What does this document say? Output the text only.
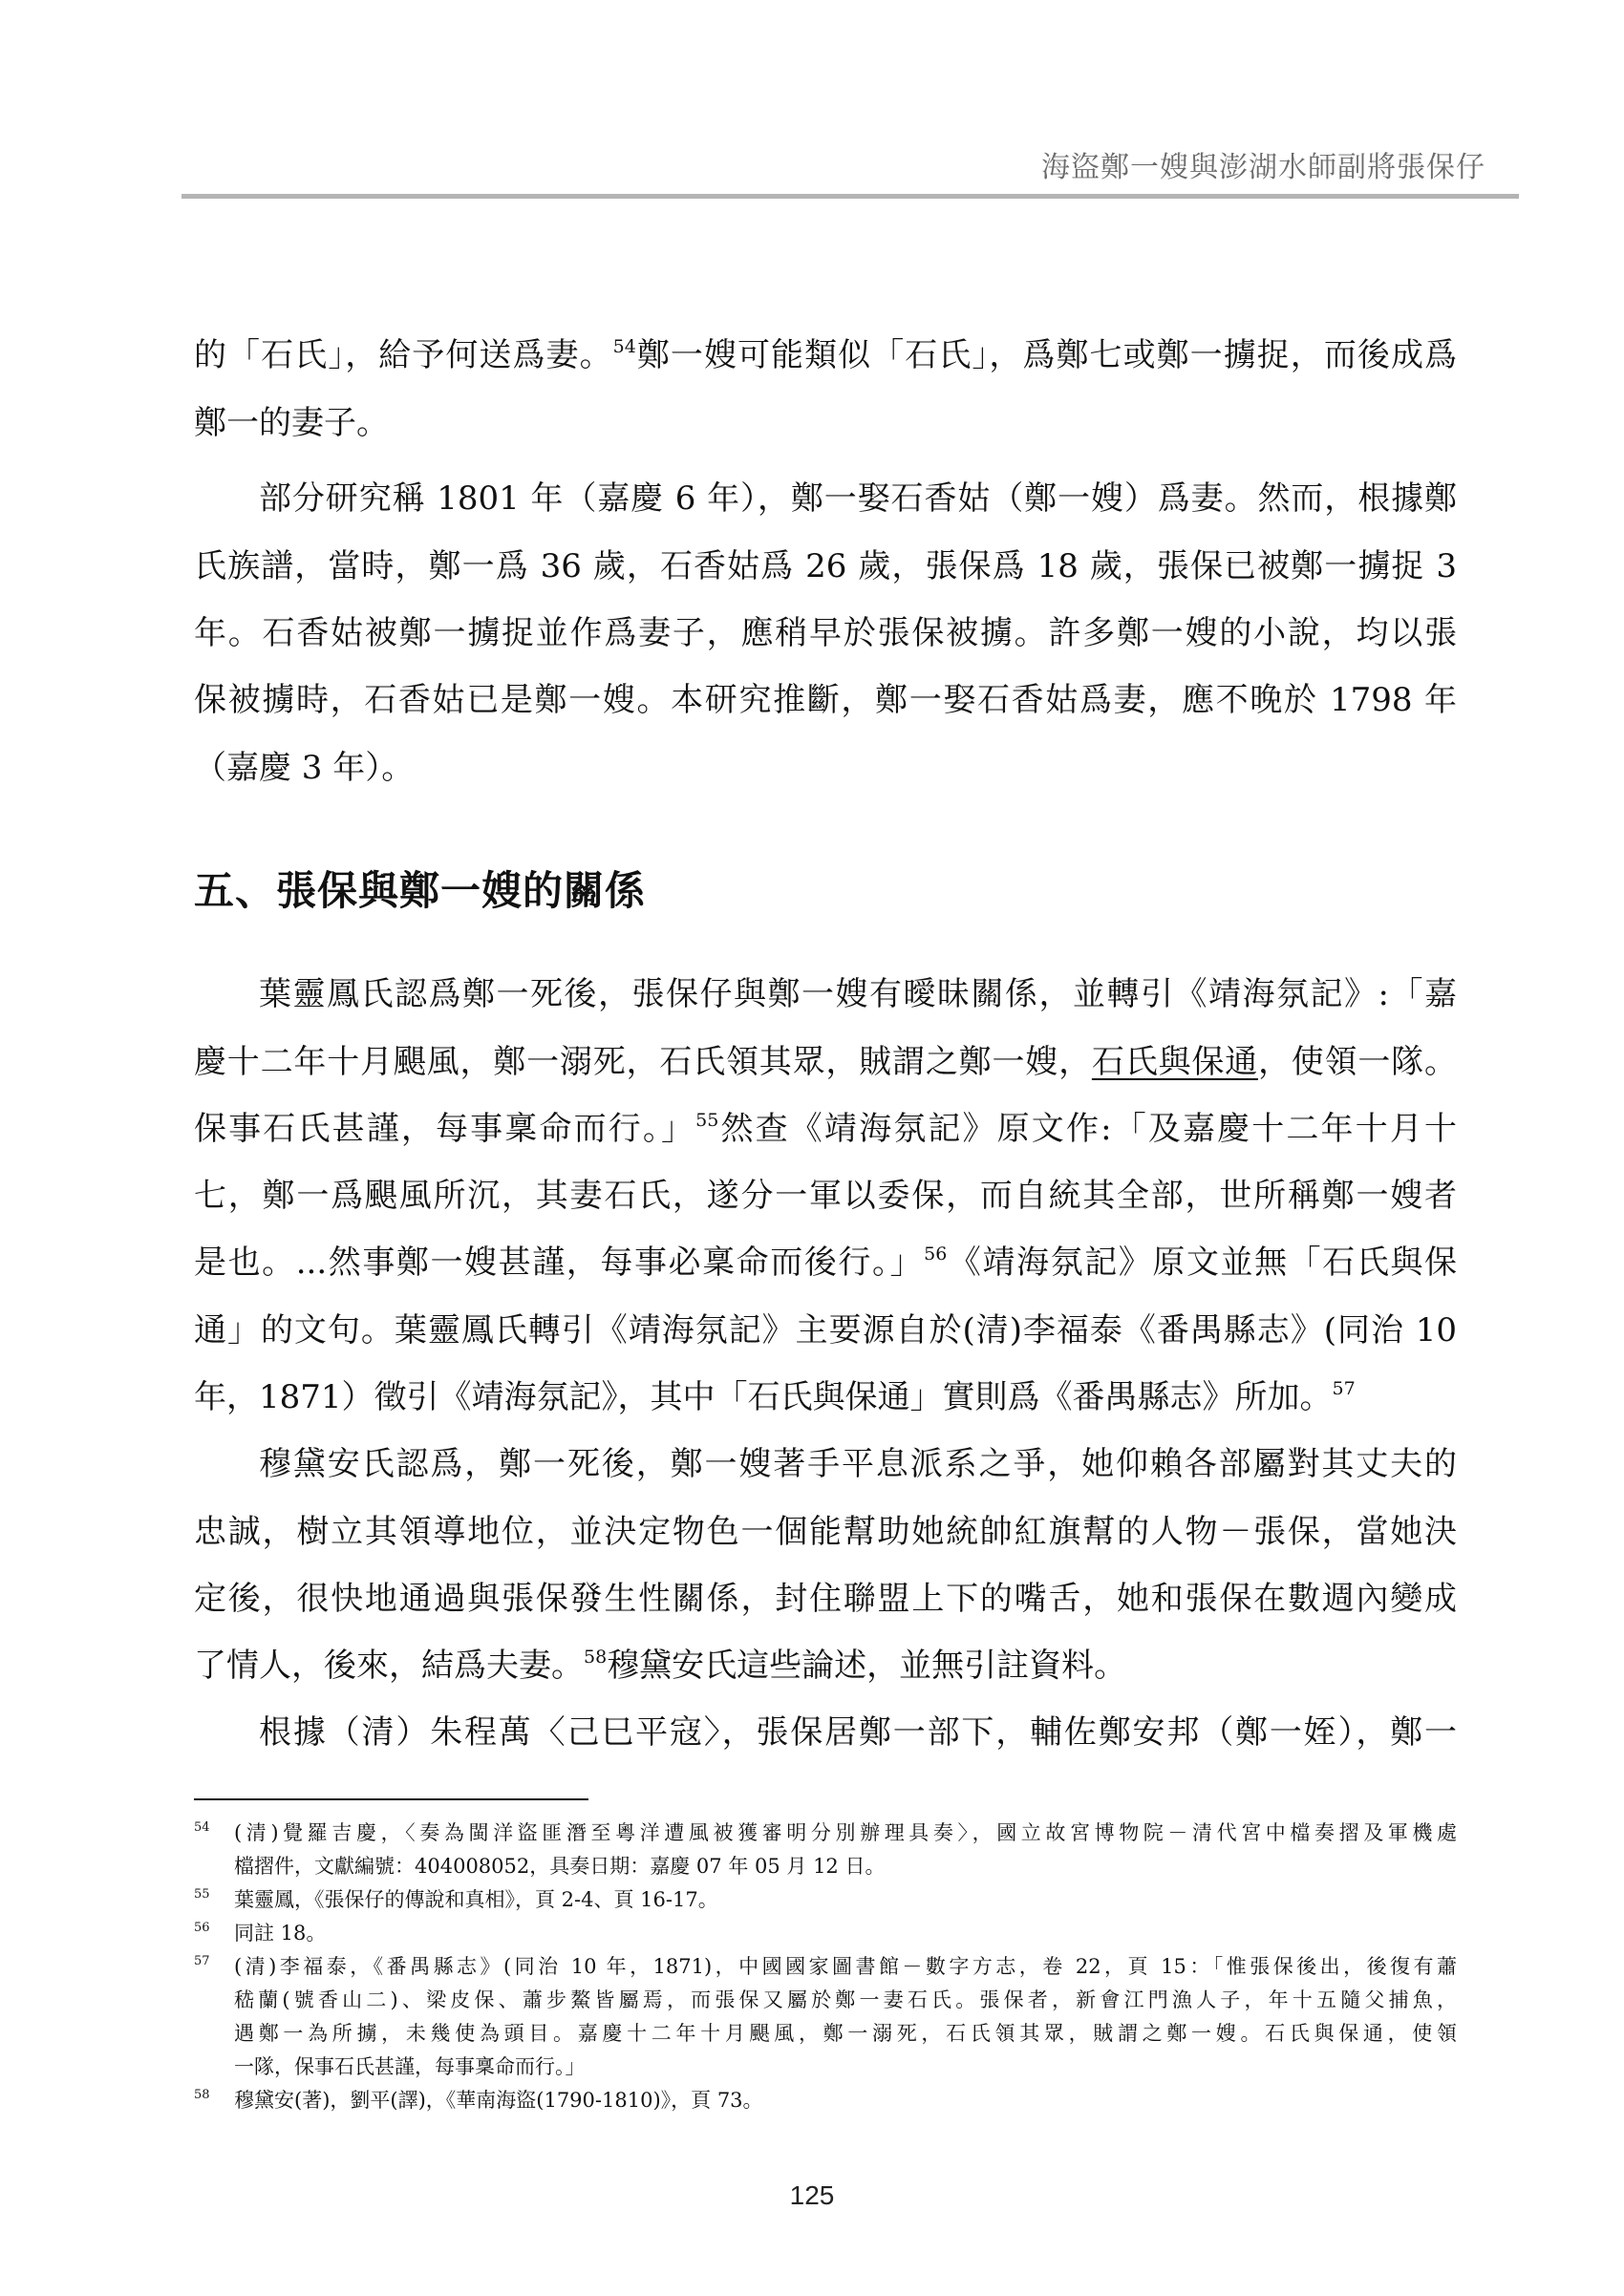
海盜鄭一嫂與澎湖水師副將張保仔
的「石氏」，給予何送爲妻。$^{54}$鄭一嫂可能類似「石氏」，爲鄭七或鄭一擄捉，而後成爲
鄭一的妻子。
部分研究稱 1801 年（嘉慶 6 年），鄭一娶石香姑（鄭一嫂）爲妻。然而，根據鄭
氏族譜，當時，鄭一爲 36 歲，石香姑爲 26 歲，張保爲 18 歲，張保已被鄭一擄捉 3
年。石香姑被鄭一擄捉並作爲妻子，應稍早於張保被擄。許多鄭一嫂的小說，均以張
保被擄時，石香姑已是鄭一嫂。本研究推斷，鄭一娶石香姑爲妻，應不晚於 1798 年
（嘉慶 3 年）。
葉靈鳳氏認爲鄭一死後，張保仔與鄭一嫂有曖昧關係，並轉引《靖海氛記》:「嘉
慶十二年十月颶風，鄭一溺死，石氏領其眾，賊謂之鄭一嫂，石氏與保通，使領一隊。
保事石氏甚謹，每事稟命而行。」$^{55}$然查《靖海氛記》原文作:「及嘉慶十二年十月十
七，鄭一爲颶風所沉，其妻石氏，遂分一軍以委保，而自統其全部，世所稱鄭一嫂者
是也。...然事鄭一嫂甚謹，每事必稟命而後行。」$^{56}$《靖海氛記》原文並無「石氏與保
通」的文句。葉靈鳳氏轉引《靖海氛記》主要源自於(清)李福泰《番禺縣志》(同治 10
年，1871）徵引《靖海氛記》，其中「石氏與保通」實則爲《番禺縣志》所加。$^{57}$
穆黛安氏認爲，鄭一死後，鄭一嫂著手平息派系之爭，她仰賴各部屬對其丈夫的
忠誠，樹立其領導地位，並決定物色一個能幫助她統帥紅旗幫的人物－張保，當她決
定後，很快地通過與張保發生性關係，封住聯盟上下的嘴舌，她和張保在數週內變成
了情人，後來，結爲夫妻。$^{58}$穆黛安氏這些論述，並無引註資料。
根據（清）朱程萬〈己巳平寇〉，張保居鄭一部下，輔佐鄭安邦（鄭一姪），鄭一
五、張保與鄭一嫂的關係
54 (清)覺羅吉慶，〈奏為閩洋盜匪潛至粵洋遭風被獲審明分別辦理具奏〉，國立故宮博物院－清代宮中檔奏摺及軍機處
檔摺件，文獻編號：404008052，具奏日期：嘉慶 07 年 05 月 12 日。
55 葉靈鳳，《張保仔的傳說和真相》，頁 2-4、頁 16-17。
56 同註 18。
57 (清)李福泰，《番禺縣志》(同治 10 年，1871)，中國國家圖書館－數字方志，卷 22，頁 15：「惟張保後出，後復有蕭
嵇蘭(號香山二)、梁皮保、蕭步鰲皆屬焉，而張保又屬於鄭一妻石氏。張保者，新會江門漁人子，年十五隨父捕魚，
遇鄭一為所擄，未幾使為頭目。嘉慶十二年十月颶風，鄭一溺死，石氏領其眾，賊謂之鄭一嫂。石氏與保通，使領
一隊，保事石氏甚謹，每事稟命而行。」
58 穆黛安(著)，劉平(譯)，《華南海盜(1790-1810)》，頁 73。
125
